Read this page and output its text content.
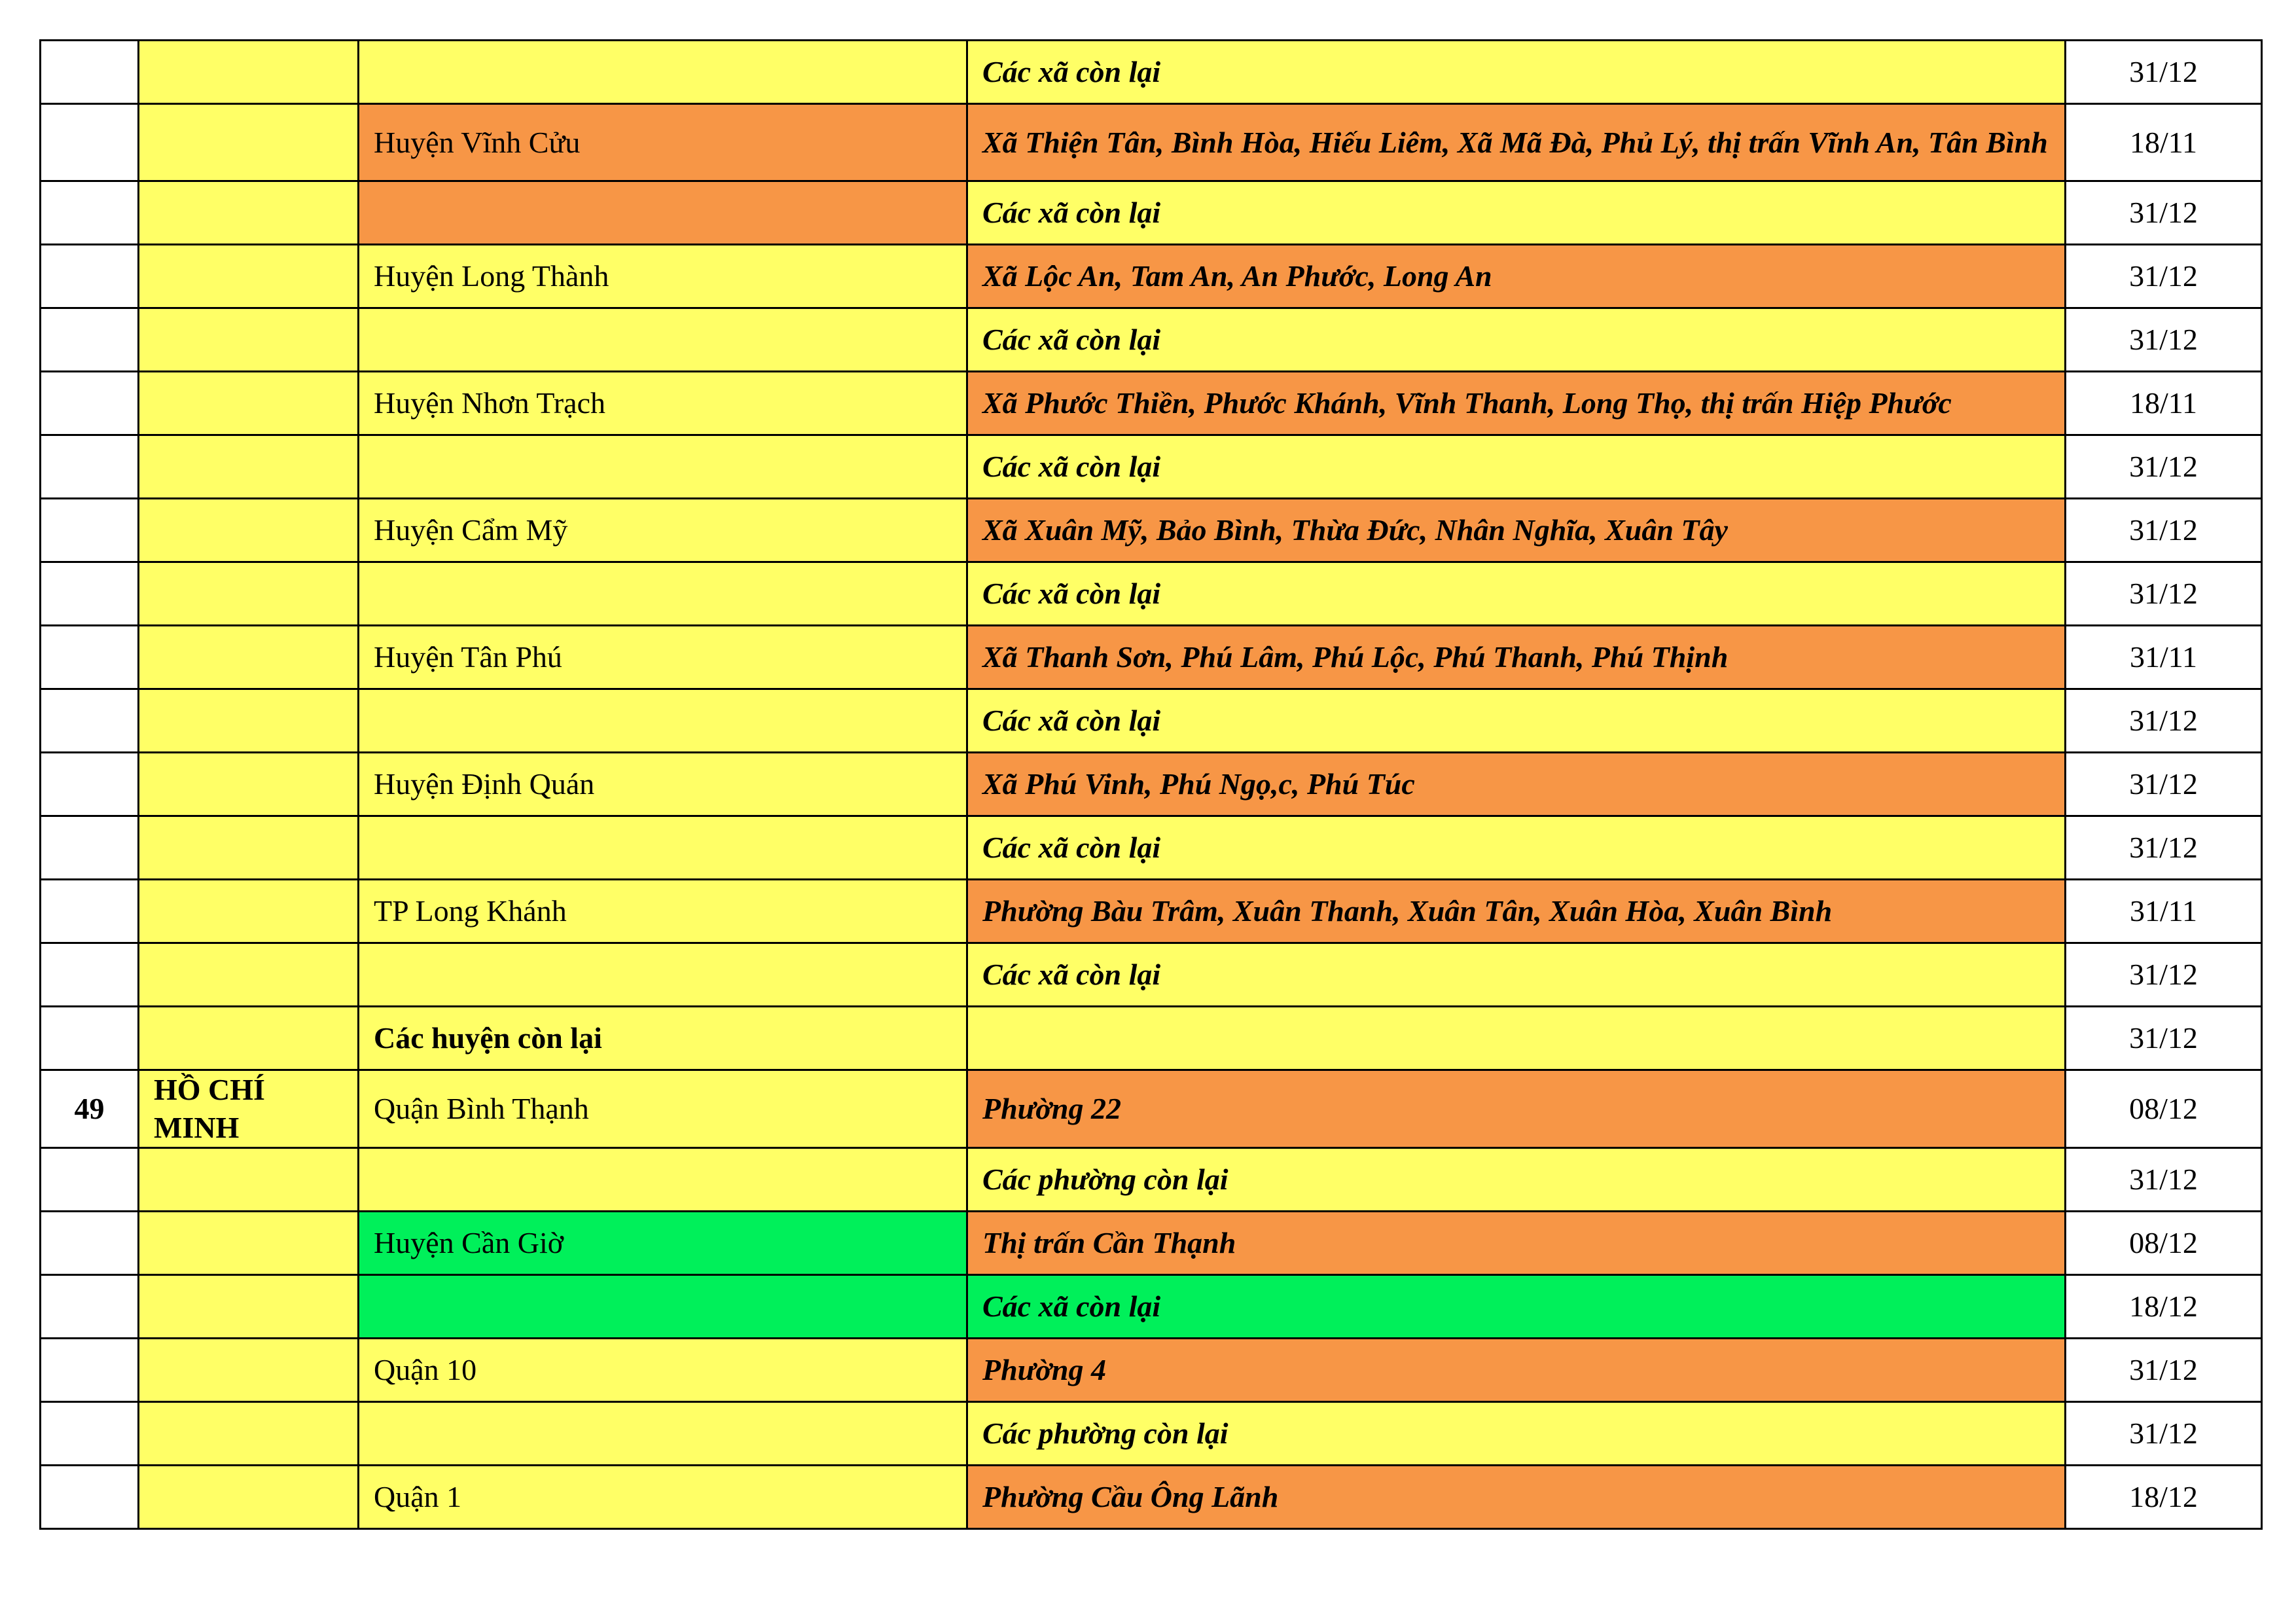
			Các xã còn lại	31/12
		Huyện Vĩnh Cửu	Xã Thiện Tân, Bình Hòa, Hiếu Liêm, Xã Mã Đà, Phủ Lý, thị trấn Vĩnh An, Tân Bình	18/11
			Các xã còn lại	31/12
		Huyện Long Thành	Xã Lộc An, Tam An, An Phước, Long An	31/12
			Các xã còn lại	31/12
		Huyện Nhơn Trạch	Xã Phước Thiền, Phước Khánh, Vĩnh Thanh, Long Thọ, thị trấn Hiệp Phước	18/11
			Các xã còn lại	31/12
		Huyện Cẩm Mỹ	Xã Xuân Mỹ, Bảo Bình, Thừa Đức, Nhân Nghĩa, Xuân Tây	31/12
			Các xã còn lại	31/12
		Huyện Tân Phú	Xã Thanh Sơn, Phú Lâm, Phú Lộc, Phú Thanh, Phú Thịnh	31/11
			Các xã còn lại	31/12
		Huyện Định Quán	Xã Phú Vinh, Phú Ngọ,c, Phú Túc	31/12
			Các xã còn lại	31/12
		TP Long Khánh	Phường Bàu Trâm, Xuân Thanh, Xuân Tân, Xuân Hòa, Xuân Bình	31/11
			Các xã còn lại	31/12
		Các huyện còn lại		31/12
49	HỒ CHÍ MINH	Quận Bình Thạnh	Phường 22	08/12
			Các phường còn lại	31/12
		Huyện Cần Giờ	Thị trấn Cần Thạnh	08/12
			Các xã còn lại	18/12
		Quận 10	Phường 4	31/12
			Các phường còn lại	31/12
		Quận 1	Phường Cầu Ông Lãnh	18/12
